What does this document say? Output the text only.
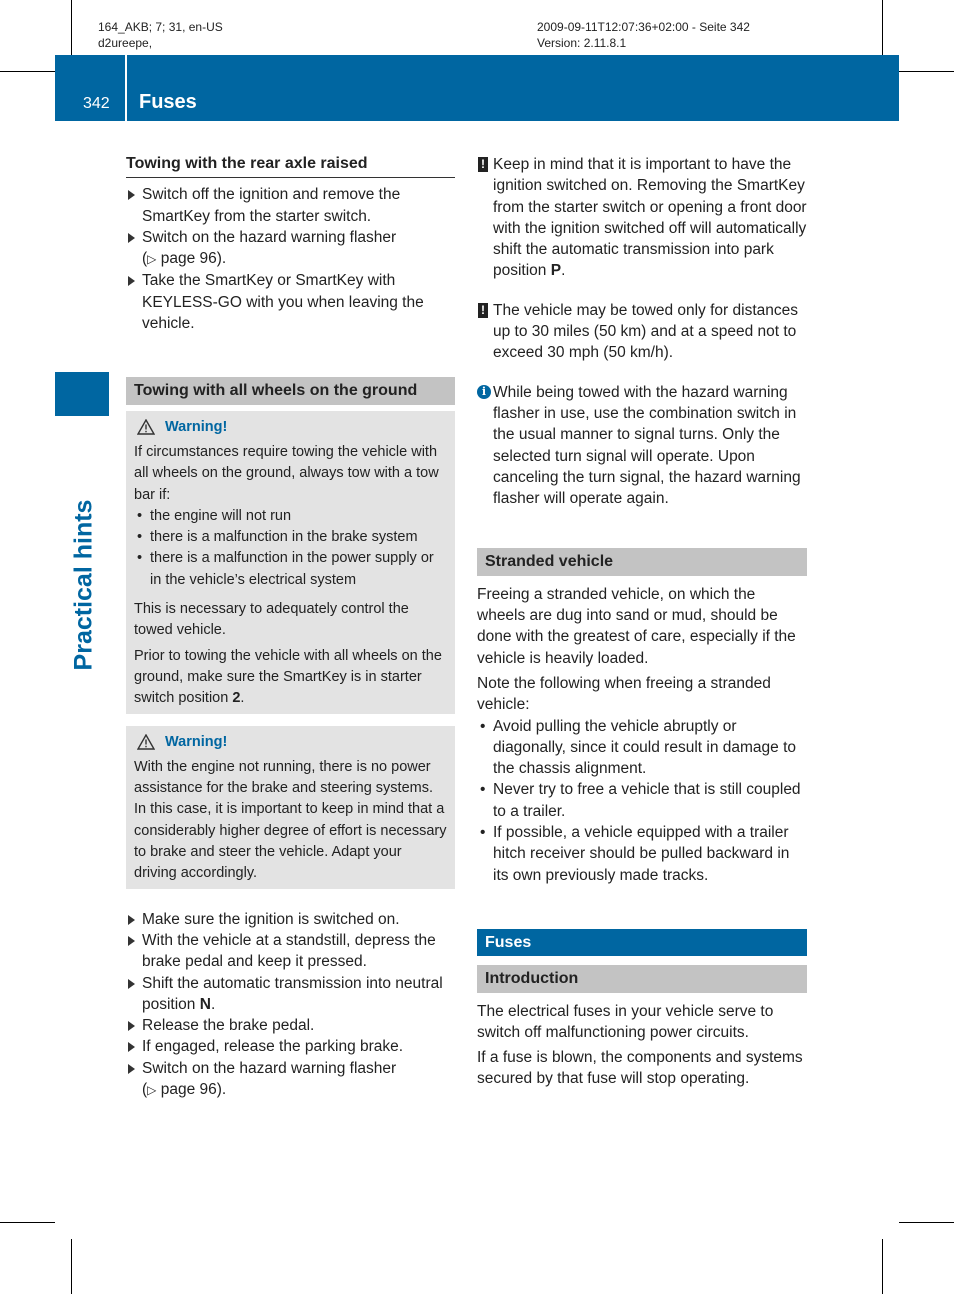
164_AKB; 7; 31, en-US
d2ureepe,
2009-09-11T12:07:36+02:00 - Seite 342
Version: 2.11.8.1
342 Fuses
Practical hints

Towing with the rear axle raised

Switch off the ignition and remove the SmartKey from the starter switch.

Switch on the hazard warning flasher
(▷ page 96).

Take the SmartKey or SmartKey with KEYLESS-GO with you when leaving the vehicle.

Towing with all wheels on the ground

Warning!

If circumstances require towing the vehicle with all wheels on the ground, always tow with a tow bar if:

• the engine will not run

• there is a malfunction in the brake system

• there is a malfunction in the power supply or in the vehicle’s electrical system

This is necessary to adequately control the towed vehicle.

Prior to towing the vehicle with all wheels on the ground, make sure the SmartKey is in starter switch position 2.

Warning!

With the engine not running, there is no power assistance for the brake and steering systems. In this case, it is important to keep in mind that a considerably higher degree of effort is necessary to brake and steer the vehicle. Adapt your driving accordingly.

Make sure the ignition is switched on.

With the vehicle at a standstill, depress the brake pedal and keep it pressed.

Shift the automatic transmission into neutral position N.

Release the brake pedal.

If engaged, release the parking brake.

Switch on the hazard warning flasher
(▷ page 96).

! Keep in mind that it is important to have the ignition switched on. Removing the SmartKey from the starter switch or opening a front door with the ignition switched off will automatically shift the automatic transmission into park position P.

! The vehicle may be towed only for distances up to 30 miles (50 km) and at a speed not to exceed 30 mph (50 km/h).

i While being towed with the hazard warning flasher in use, use the combination switch in the usual manner to signal turns. Only the selected turn signal will operate. Upon canceling the turn signal, the hazard warning flasher will operate again.

Stranded vehicle

Freeing a stranded vehicle, on which the wheels are dug into sand or mud, should be done with the greatest of care, especially if the vehicle is heavily loaded.

Note the following when freeing a stranded vehicle:

• Avoid pulling the vehicle abruptly or diagonally, since it could result in damage to the chassis alignment.

• Never try to free a vehicle that is still coupled to a trailer.

• If possible, a vehicle equipped with a trailer hitch receiver should be pulled backward in its own previously made tracks.

Fuses

Introduction

The electrical fuses in your vehicle serve to switch off malfunctioning power circuits.

If a fuse is blown, the components and systems secured by that fuse will stop operating.
